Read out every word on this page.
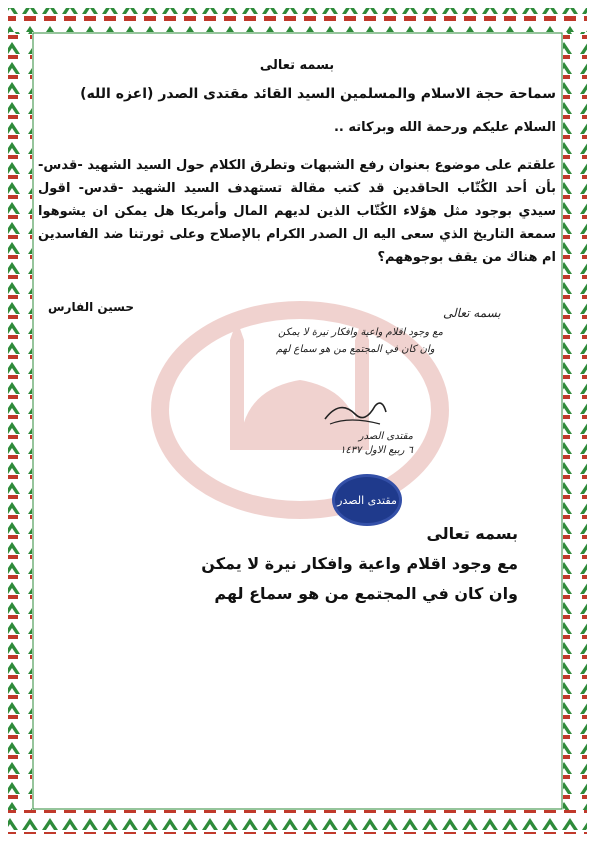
بسمه تعالى
سماحة حجة الاسلام والمسلمين السيد القائد مقتدى الصدر (اعزه الله)
السلام عليكم ورحمة الله وبركاته ..
علقتم على موضوع بعنوان رفع الشبهات وتطرق الكلام حول السيد الشهيد -قدس- بأن أحد الكُتّاب الحاقدين قد كتب مقالة تستهدف السيد الشهيد -قدس- اقول سيدي بوجود مثل هؤلاء الكُتّاب الذين لديهم المال وأمريكا هل يمكن ان يشوهوا سمعة التاريخ الذي سعى اليه ال الصدر الكرام بالإصلاح وعلى ثورتنا ضد الفاسدين ام هناك من يقف بوجوههم؟
حسين الفارس	بسمه تعالى
مع وجود اقلام واعية وافكار نيرة لا يمكن
وان كان في المجتمع من هو سماع لهم
مقتدى الصدر
٦ ربيع الاول ١٤٣٧
مقتدى الصدر
بسمه تعالى
مع وجود اقلام واعية وافكار نيرة لا يمكن
وان كان في المجتمع من هو سماع لهم
